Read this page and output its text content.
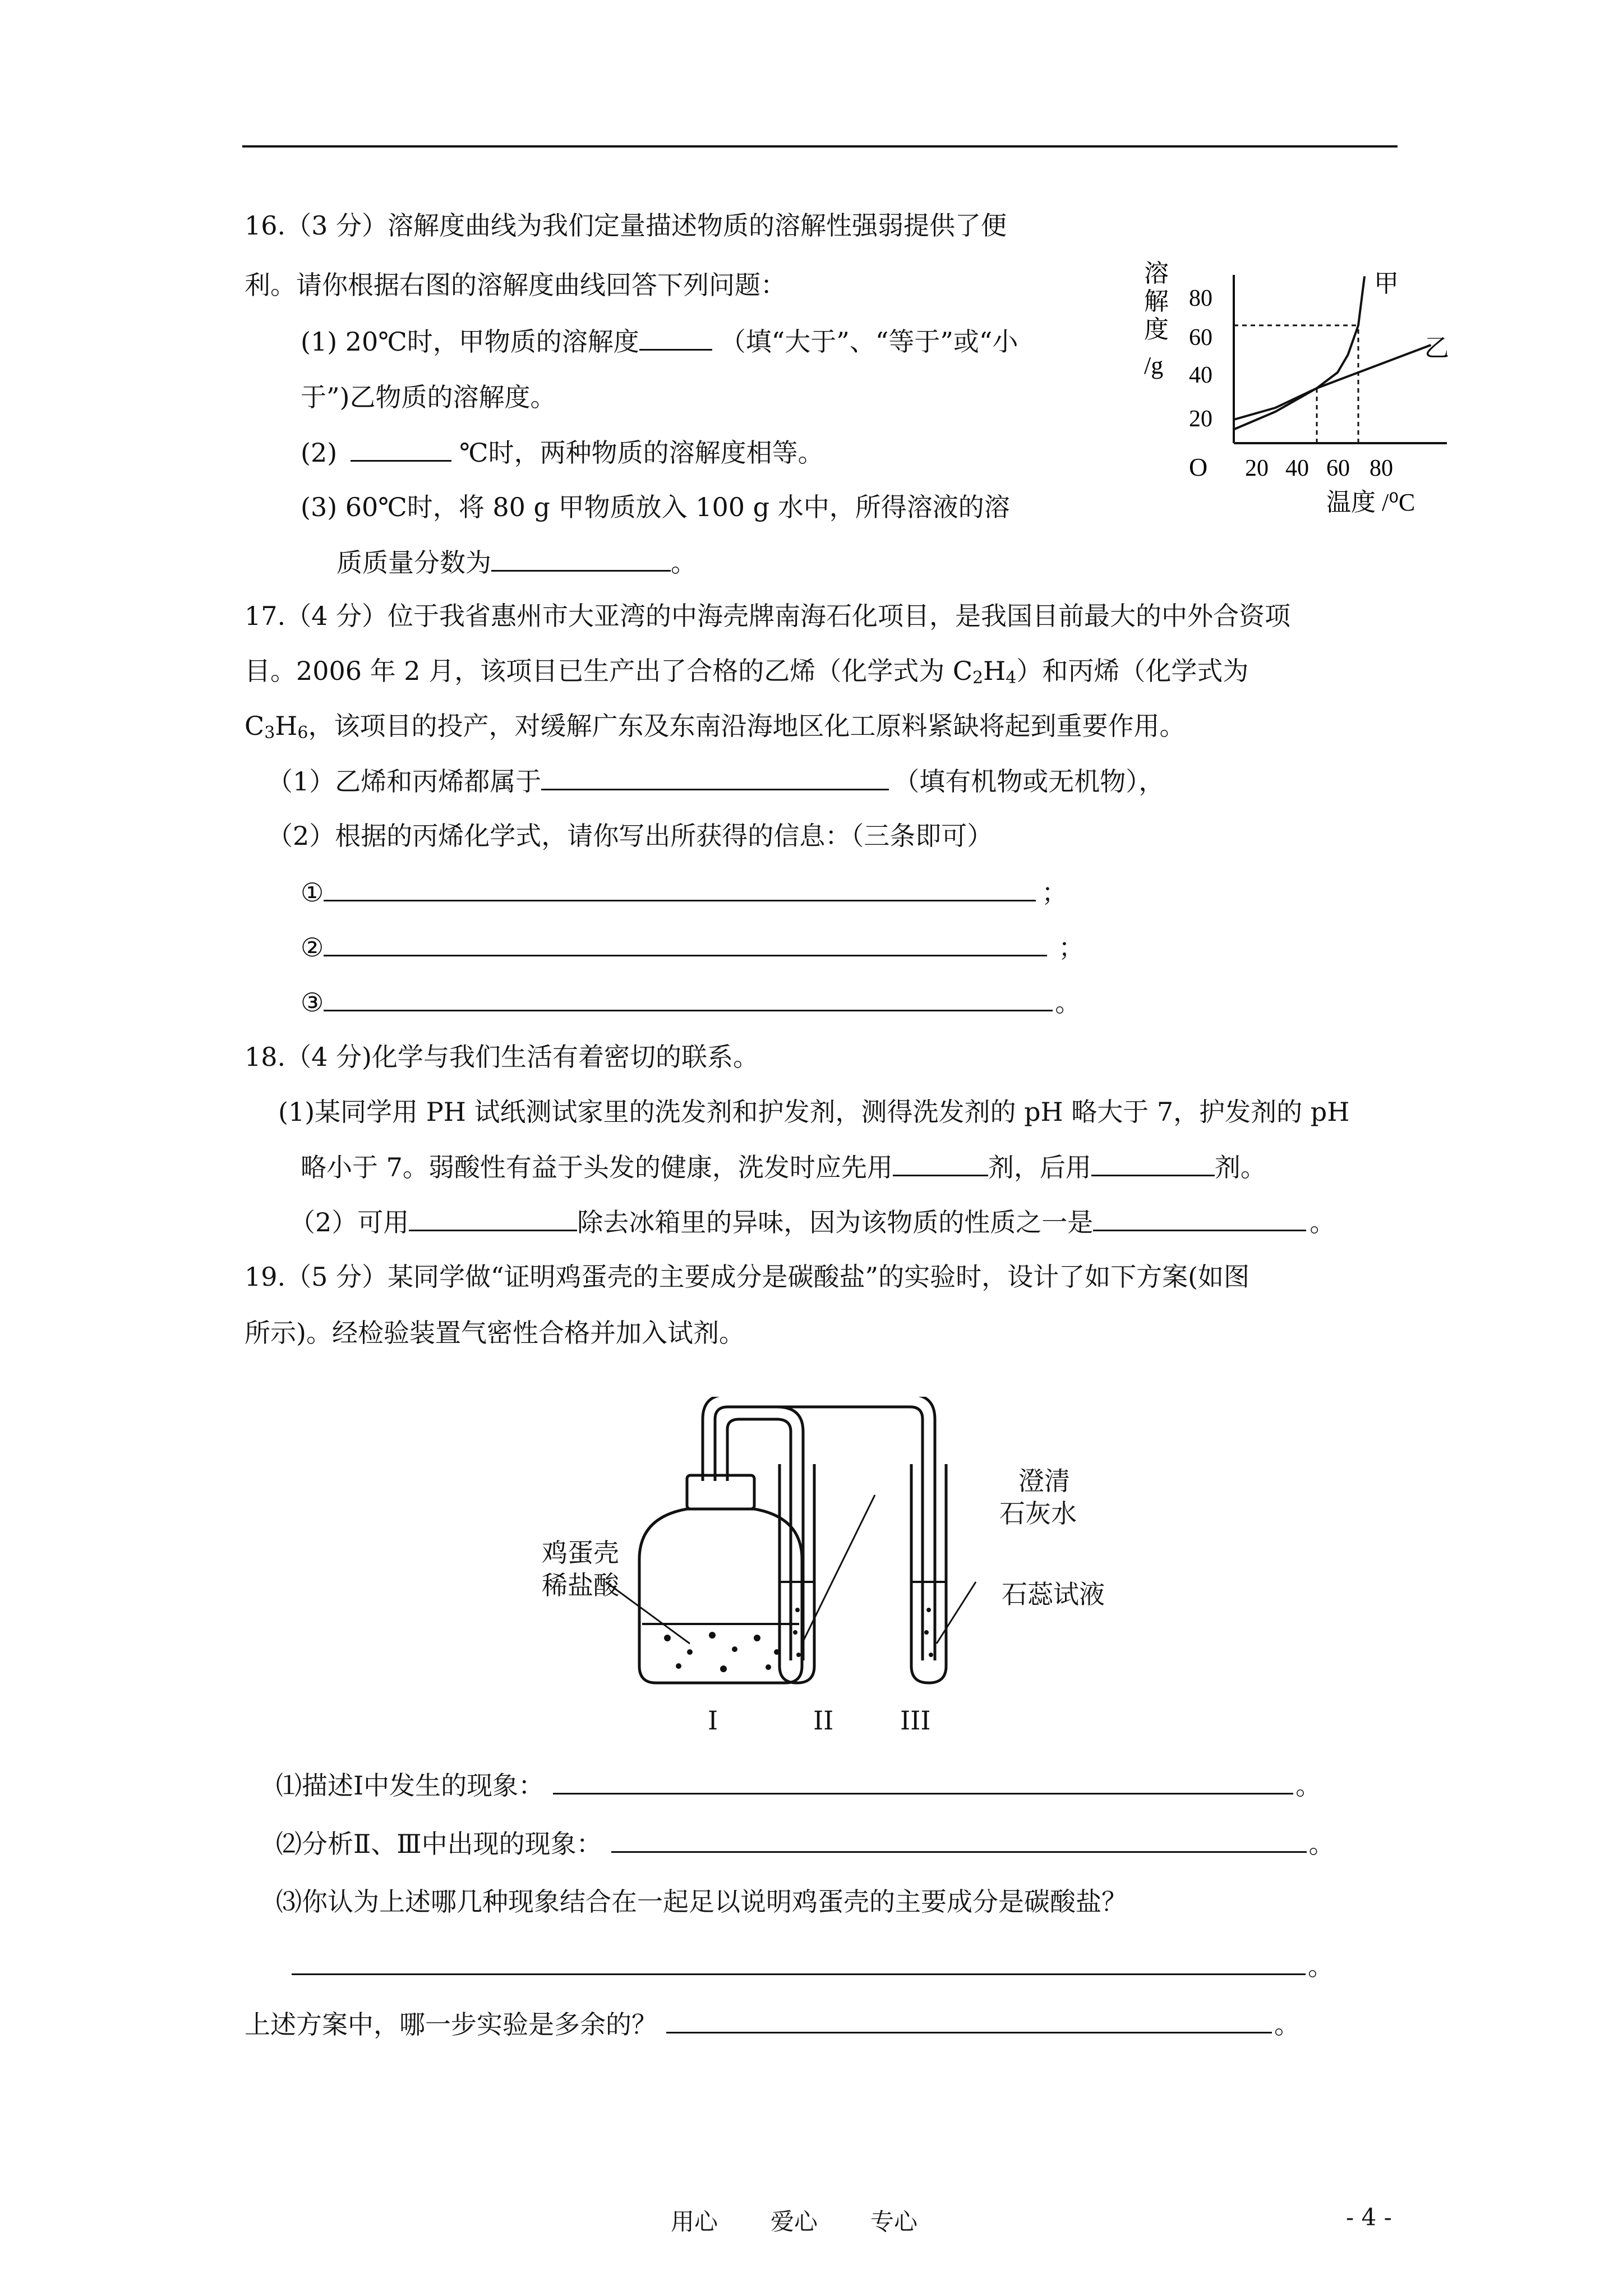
16.（3 分）溶解度曲线为我们定量描述物质的溶解性强弱提供了便
利。请你根据右图的溶解度曲线回答下列问题：
(1) 20℃时，甲物质的溶解度	（填“大于”、“等于”或“小
于”)乙物质的溶解度。
(2)	℃时，两种物质的溶解度相等。
(3) 60℃时，将 80 g 甲物质放入 100 g 水中，所得溶液的溶
质质量分数为	。
溶
解
度
/g
80
60
40
20
O 20 40 60 80
温度 /⁰C
甲
乙
17.（4 分）位于我省惠州市大亚湾的中海壳牌南海石化项目，是我国目前最大的中外合资项
目。2006 年 2 月，该项目已生产出了合格的乙烯（化学式为 $C_2H_4$）和丙烯（化学式为
$C_3H_6$，该项目的投产，对缓解广东及东南沿海地区化工原料紧缺将起到重要作用。
（1）乙烯和丙烯都属于	（填有机物或无机物），
（2）根据的丙烯化学式，请你写出所获得的信息：（三条即可）
①	；
②	；
③	。
18.（4 分)化学与我们生活有着密切的联系。
(1)某同学用 PH 试纸测试家里的洗发剂和护发剂，测得洗发剂的 pH 略大于 7，护发剂的 pH
略小于 7。弱酸性有益于头发的健康，洗发时应先用	剂，后用	剂。
（2）可用	除去冰箱里的异味，因为该物质的性质之一是	。
19.（5 分）某同学做“证明鸡蛋壳的主要成分是碳酸盐”的实验时，设计了如下方案(如图
所示)。经检验装置气密性合格并加入试剂。
鸡蛋壳
稀盐酸
澄清
石灰水
石蕊试液
I	II	III
⑴描述Ⅰ中发生的现象：	。
⑵分析Ⅱ、Ⅲ中出现的现象：	。
⑶你认为上述哪几种现象结合在一起足以说明鸡蛋壳的主要成分是碳酸盐？
。
上述方案中，哪一步实验是多余的？	。
用心 爱心 专心	- 4 -
